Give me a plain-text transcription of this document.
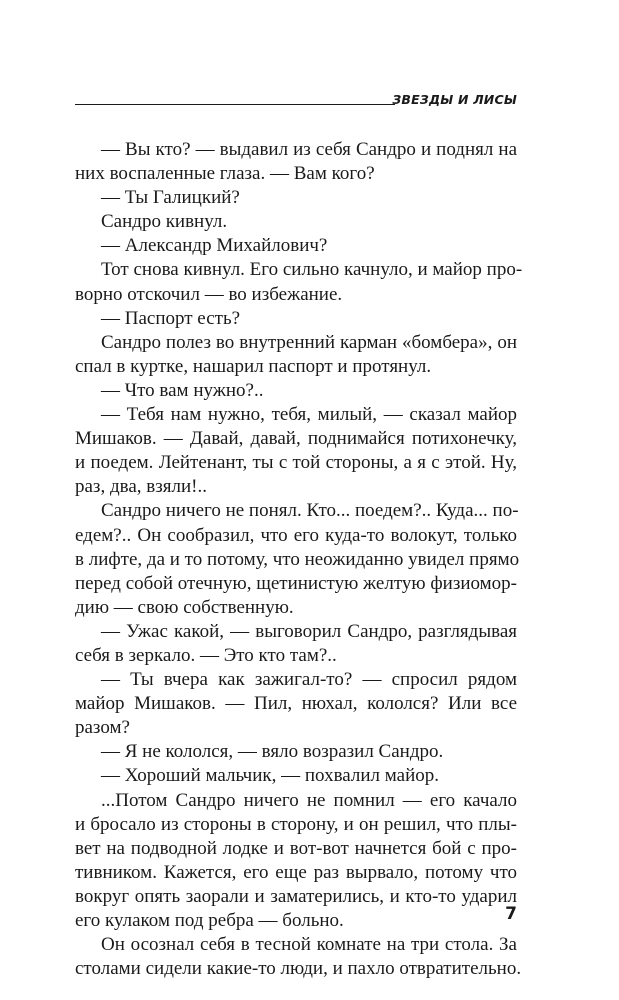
ЗВЕЗДЫ И ЛИСЫ
— Вы кто? — выдавил из себя Сандро и поднял на
них воспаленные глаза. — Вам кого?
— Ты Галицкий?
Сандро кивнул.
— Александр Михайлович?
Тот снова кивнул. Его сильно качнуло, и майор про-
ворно отскочил — во избежание.
— Паспорт есть?
Сандро полез во внутренний карман «бомбера», он
спал в куртке, нашарил паспорт и протянул.
— Что вам нужно?..
— Тебя нам нужно, тебя, милый, — сказал майор
Мишаков. — Давай, давай, поднимайся потихонечку,
и поедем. Лейтенант, ты с той стороны, а я с этой. Ну,
раз, два, взяли!..
Сандро ничего не понял. Кто... поедем?.. Куда... по-
едем?.. Он сообразил, что его куда-то волокут, только
в лифте, да и то потому, что неожиданно увидел прямо
перед собой отечную, щетинистую желтую физиомор-
дию — свою собственную.
— Ужас какой, — выговорил Сандро, разглядывая
себя в зеркало. — Это кто там?..
— Ты вчера как зажигал-то? — спросил рядом
майор Мишаков. — Пил, нюхал, кололся? Или все
разом?
— Я не кололся, — вяло возразил Сандро.
— Хороший мальчик, — похвалил майор.
...Потом Сандро ничего не помнил — его качало
и бросало из стороны в сторону, и он решил, что плы-
вет на подводной лодке и вот-вот начнется бой с про-
тивником. Кажется, его еще раз вырвало, потому что
вокруг опять заорали и заматерились, и кто-то ударил
его кулаком под ребра — больно.
Он осознал себя в тесной комнате на три стола. За
столами сидели какие-то люди, и пахло отвратительно.
7
